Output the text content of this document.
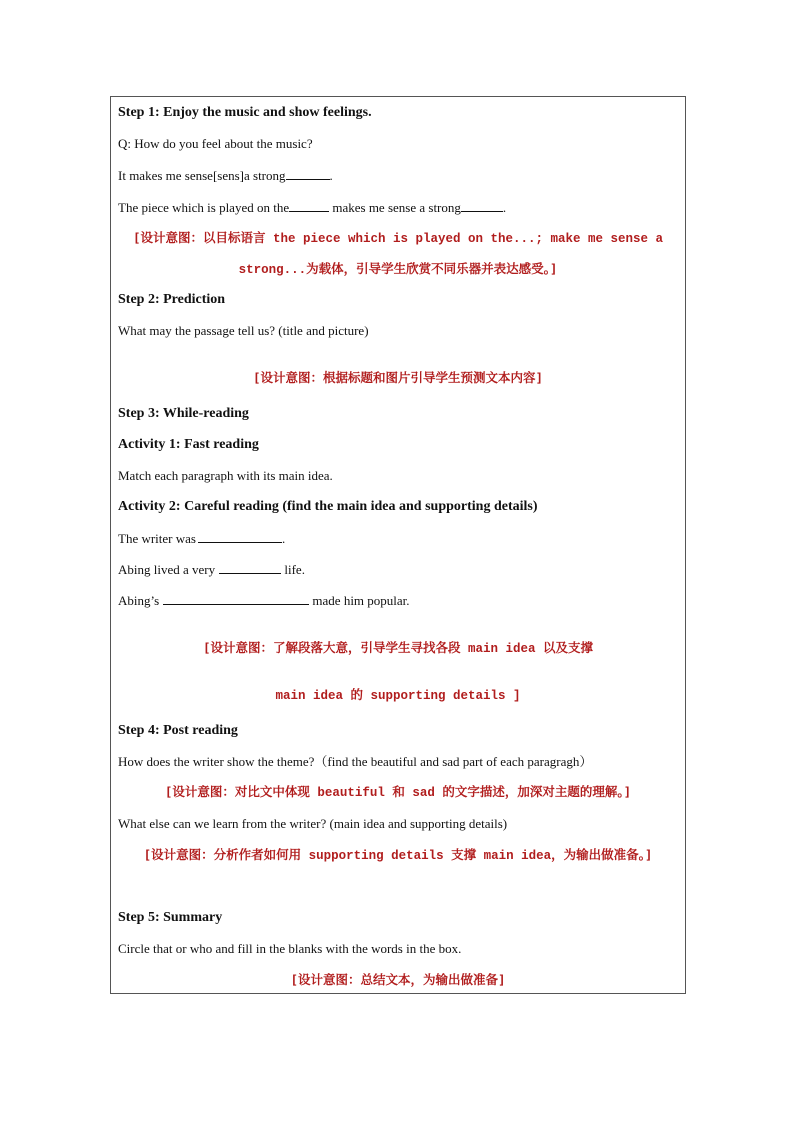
Step 1: Enjoy the music and show feelings.
Q: How do you feel about the music?
It makes me sense[sens]a strong	.
The piece which is played on the	makes me sense a strong	.
[设计意图：以目标语言 the piece which is played on the...; make me sense a
strong...为载体，引导学生欣赏不同乐器并表达感受。]
Step 2: Prediction
What may the passage tell us? (title and picture)
[设计意图：根据标题和图片引导学生预测文本内容]
Step 3: While-reading
Activity 1: Fast reading
Match each paragraph with its main idea.
Activity 2: Careful reading (find the main idea and supporting details)
The writer was	.
Abing lived a very	life.
Abing’s	made him popular.
[设计意图：了解段落大意，引导学生寻找各段 main idea 以及支撑
main idea 的 supporting details ]
Step 4: Post reading
How does the writer show the theme?（find the beautiful and sad part of each paragragh）
[设计意图：对比文中体现 beautiful 和 sad 的文字描述，加深对主题的理解。]
What else can we learn from the writer? (main idea and supporting details)
[设计意图：分析作者如何用 supporting details 支撑 main idea，为输出做准备。]
Step 5: Summary
Circle that or who and fill in the blanks with the words in the box.
[设计意图：总结文本，为输出做准备]
